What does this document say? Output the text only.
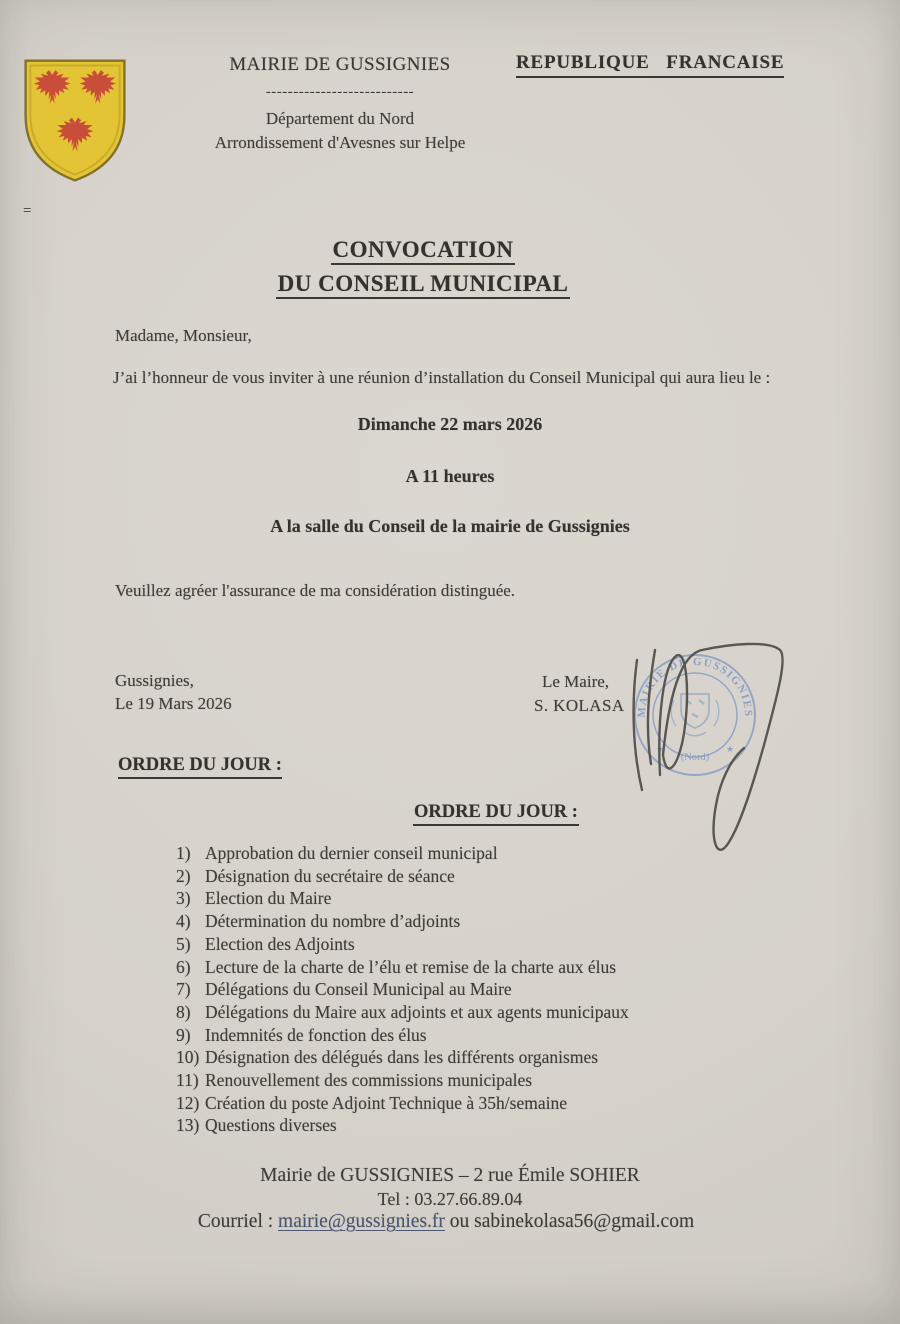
MAIRIE DE GUSSIGNIES
---------------------------
Département du Nord
Arrondissement d'Avesnes sur Helpe
REPUBLIQUE   FRANCAISE
=
CONVOCATION
DU CONSEIL MUNICIPAL
Madame, Monsieur,
J’ai l’honneur de vous inviter à une réunion d’installation du Conseil Municipal qui aura lieu le :
Dimanche 22 mars 2026
A 11 heures
A la salle du Conseil de la mairie de Gussignies
Veuillez agréer l'assurance de ma considération distinguée.
Gussignies,
Le 19 Mars 2026
Le Maire,
S. KOLASA MAIRIE DE GUSSIGNIES
(Nord)
★	★
ORDRE DU JOUR :
ORDRE DU JOUR :
1) Approbation du dernier conseil municipal
2) Désignation du secrétaire de séance
3) Election du Maire
4) Détermination du nombre d’adjoints
5) Election des Adjoints
6) Lecture de la charte de l’élu et remise de la charte aux élus
7) Délégations du Conseil Municipal au Maire
8) Délégations du Maire aux adjoints et aux agents municipaux
9) Indemnités de fonction des élus
10) Désignation des délégués dans les différents organismes
11) Renouvellement des commissions municipales
12) Création du poste Adjoint Technique à 35h/semaine
13) Questions diverses
Mairie de GUSSIGNIES – 2 rue Émile SOHIER
Tel : 03.27.66.89.04
Courriel : mairie@gussignies.fr ou sabinekolasa56@gmail.com
